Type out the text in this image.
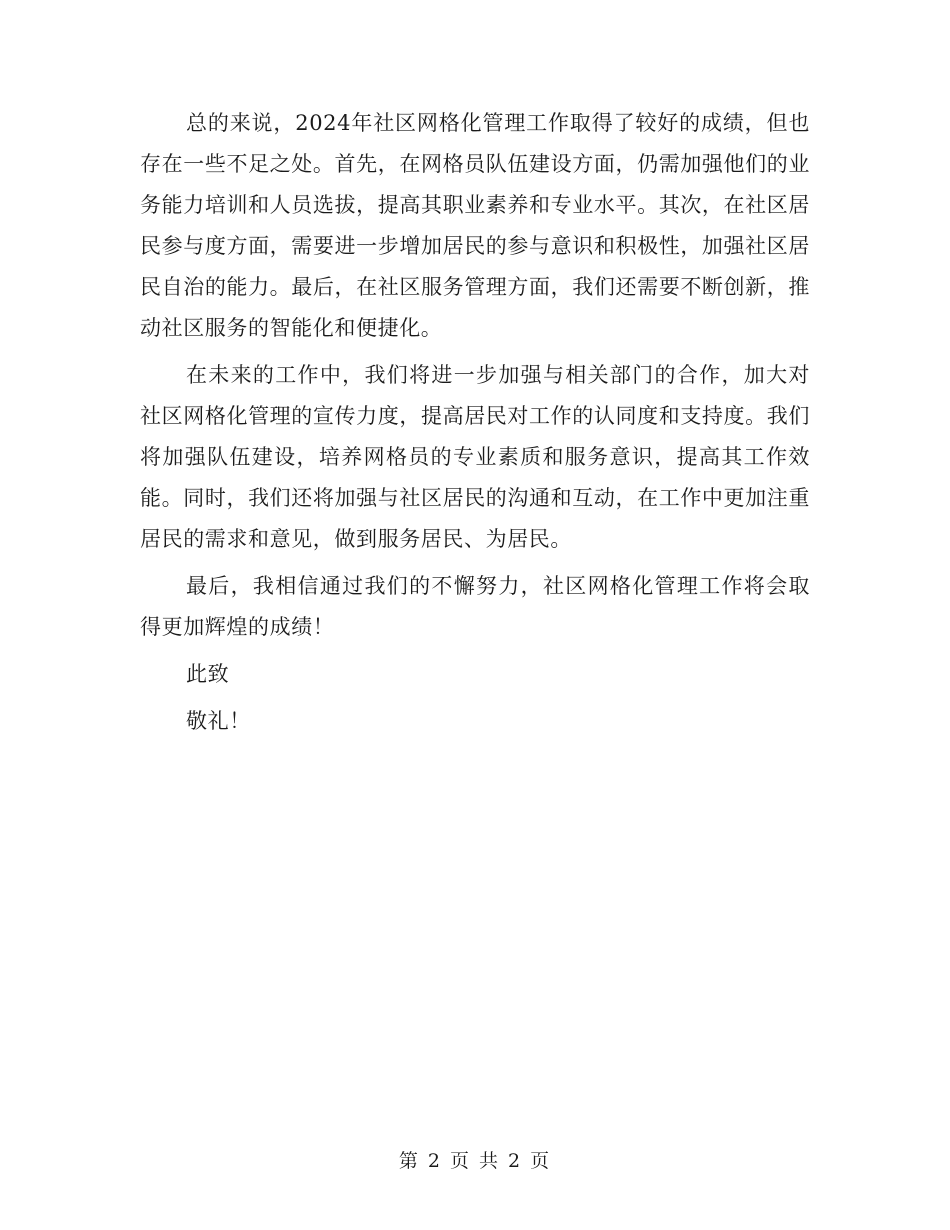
总的来说，2024年社区网格化管理工作取得了较好的成绩，但也存在一些不足之处。首先，在网格员队伍建设方面，仍需加强他们的业务能力培训和人员选拔，提高其职业素养和专业水平。其次，在社区居民参与度方面，需要进一步增加居民的参与意识和积极性，加强社区居民自治的能力。最后，在社区服务管理方面，我们还需要不断创新，推动社区服务的智能化和便捷化。

在未来的工作中，我们将进一步加强与相关部门的合作，加大对社区网格化管理的宣传力度，提高居民对工作的认同度和支持度。我们将加强队伍建设，培养网格员的专业素质和服务意识，提高其工作效能。同时，我们还将加强与社区居民的沟通和互动，在工作中更加注重居民的需求和意见，做到服务居民、为居民。

最后，我相信通过我们的不懈努力，社区网格化管理工作将会取得更加辉煌的成绩！

此致

敬礼！

第 2 页 共 2 页
